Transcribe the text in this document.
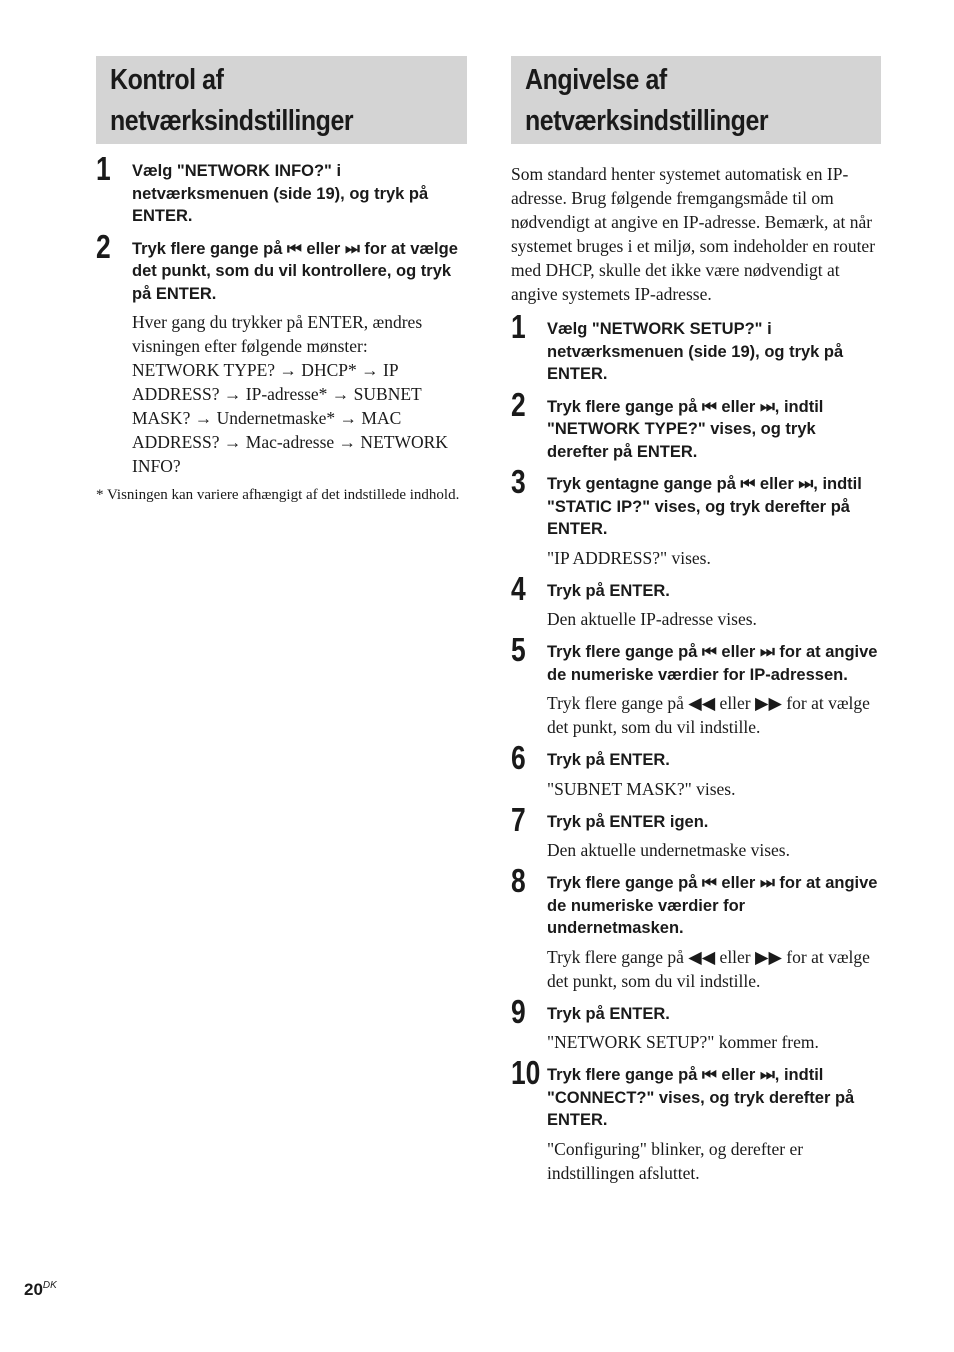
Kontrol af
netværksindstillinger
1 Vælg "NETWORK INFO?" i netværksmenuen (side 19), og tryk på ENTER.
2 Tryk flere gange på ⏮ eller ⏭ for at vælge det punkt, som du vil kontrollere, og tryk på ENTER.
Hver gang du trykker på ENTER, ændres visningen efter følgende mønster:
NETWORK TYPE? → DHCP* → IP ADDRESS? → IP-adresse* → SUBNET MASK? → Undernetmaske* → MAC ADDRESS? → Mac-adresse → NETWORK INFO?
* Visningen kan variere afhængigt af det indstillede indhold.
Angivelse af
netværksindstillinger

Som standard henter systemet automatisk en IP-adresse. Brug følgende fremgangsmåde til om nødvendigt at angive en IP-adresse. Bemærk, at når systemet bruges i et miljø, som indeholder en router med DHCP, skulle det ikke være nødvendigt at angive systemets IP-adresse.

1 Vælg "NETWORK SETUP?" i netværksmenuen (side 19), og tryk på ENTER.
2 Tryk flere gange på ⏮ eller ⏭, indtil "NETWORK TYPE?" vises, og tryk derefter på ENTER.
3 Tryk gentagne gange på ⏮ eller ⏭, indtil "STATIC IP?" vises, og tryk derefter på ENTER.
"IP ADDRESS?" vises.
4 Tryk på ENTER.
Den aktuelle IP-adresse vises.
5 Tryk flere gange på ⏮ eller ⏭ for at angive de numeriske værdier for IP-adressen.
Tryk flere gange på ◀◀ eller ▶▶ for at vælge det punkt, som du vil indstille.
6 Tryk på ENTER.
"SUBNET MASK?" vises.
7 Tryk på ENTER igen.
Den aktuelle undernetmaske vises.
8 Tryk flere gange på ⏮ eller ⏭ for at angive de numeriske værdier for undernetmasken.
Tryk flere gange på ◀◀ eller ▶▶ for at vælge det punkt, som du vil indstille.
9 Tryk på ENTER.
"NETWORK SETUP?" kommer frem.
10 Tryk flere gange på ⏮ eller ⏭, indtil "CONNECT?" vises, og tryk derefter på ENTER.
"Configuring" blinker, og derefter er indstillingen afsluttet.
$20^{DK}$
